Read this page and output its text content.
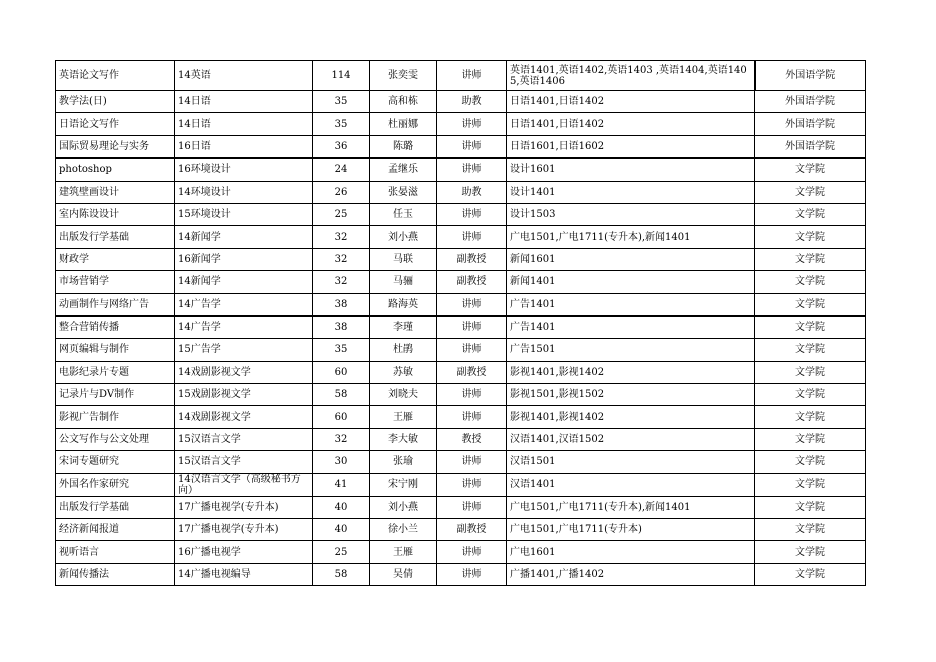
英语论文写作	14英语	114	张奕雯	讲师	英语1401,英语1402,英语1403 ,英语1404,英语1405,英语1406	外国语学院
教学法(日)	14日语	35	高和栋	助教	日语1401,日语1402	外国语学院
日语论文写作	14日语	35	杜丽娜	讲师	日语1401,日语1402	外国语学院
国际贸易理论与实务	16日语	36	陈璐	讲师	日语1601,日语1602	外国语学院
photoshop	16环境设计	24	孟继乐	讲师	设计1601	文学院
建筑壁画设计	14环境设计	26	张晏滋	助教	设计1401	文学院
室内陈设设计	15环境设计	25	任玉	讲师	设计1503	文学院
出版发行学基础	14新闻学	32	刘小燕	讲师	广电1501,广电1711(专升本),新闻1401	文学院
财政学	16新闻学	32	马联	副教授	新闻1601	文学院
市场营销学	14新闻学	32	马骊	副教授	新闻1401	文学院
动画制作与网络广告	14广告学	38	路海英	讲师	广告1401	文学院
整合营销传播	14广告学	38	李瑾	讲师	广告1401	文学院
网页编辑与制作	15广告学	35	杜鹃	讲师	广告1501	文学院
电影纪录片专题	14戏剧影视文学	60	苏敏	副教授	影视1401,影视1402	文学院
记录片与DV制作	15戏剧影视文学	58	刘晓夫	讲师	影视1501,影视1502	文学院
影视广告制作	14戏剧影视文学	60	王雁	讲师	影视1401,影视1402	文学院
公文写作与公文处理	15汉语言文学	32	李大敏	教授	汉语1401,汉语1502	文学院
宋词专题研究	15汉语言文学	30	张瑜	讲师	汉语1501	文学院
外国名作家研究	14汉语言文学（高级秘书方向）	41	宋宁刚	讲师	汉语1401	文学院
出版发行学基础	17广播电视学(专升本)	40	刘小燕	讲师	广电1501,广电1711(专升本),新闻1401	文学院
经济新闻报道	17广播电视学(专升本)	40	徐小兰	副教授	广电1501,广电1711(专升本)	文学院
视听语言	16广播电视学	25	王雁	讲师	广电1601	文学院
新闻传播法	14广播电视编导	58	吴倩	讲师	广播1401,广播1402	文学院
